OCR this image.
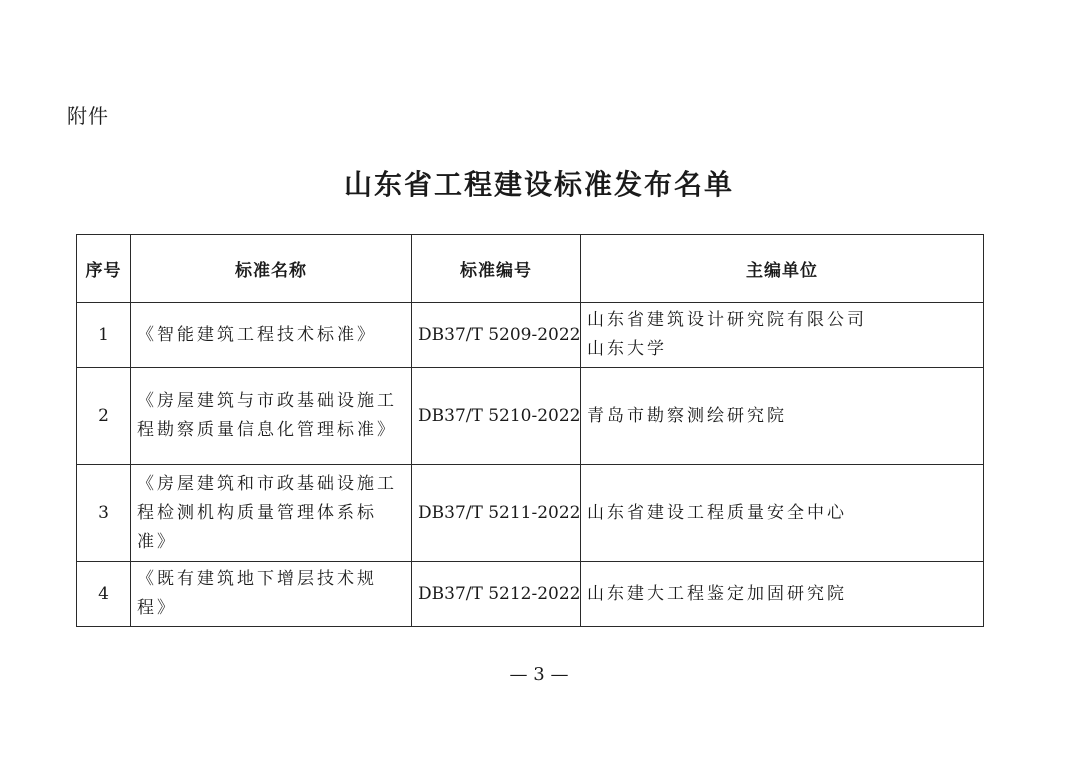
附件
山东省工程建设标准发布名单
序号	标准名称	标准编号	主编单位
1	《智能建筑工程技术标准》	DB37/T 5209-2022	山东省建筑设计研究院有限公司
山东大学

2	《房屋建筑与市政基础设施工程勘察质量信息化管理标准》	DB37/T 5210-2022	青岛市勘察测绘研究院

3	《房屋建筑和市政基础设施工程检测机构质量管理体系标准》	DB37/T 5211-2022	山东省建设工程质量安全中心

4	《既有建筑地下增层技术规程》	DB37/T 5212-2022	山东建大工程鉴定加固研究院
— 3 —
